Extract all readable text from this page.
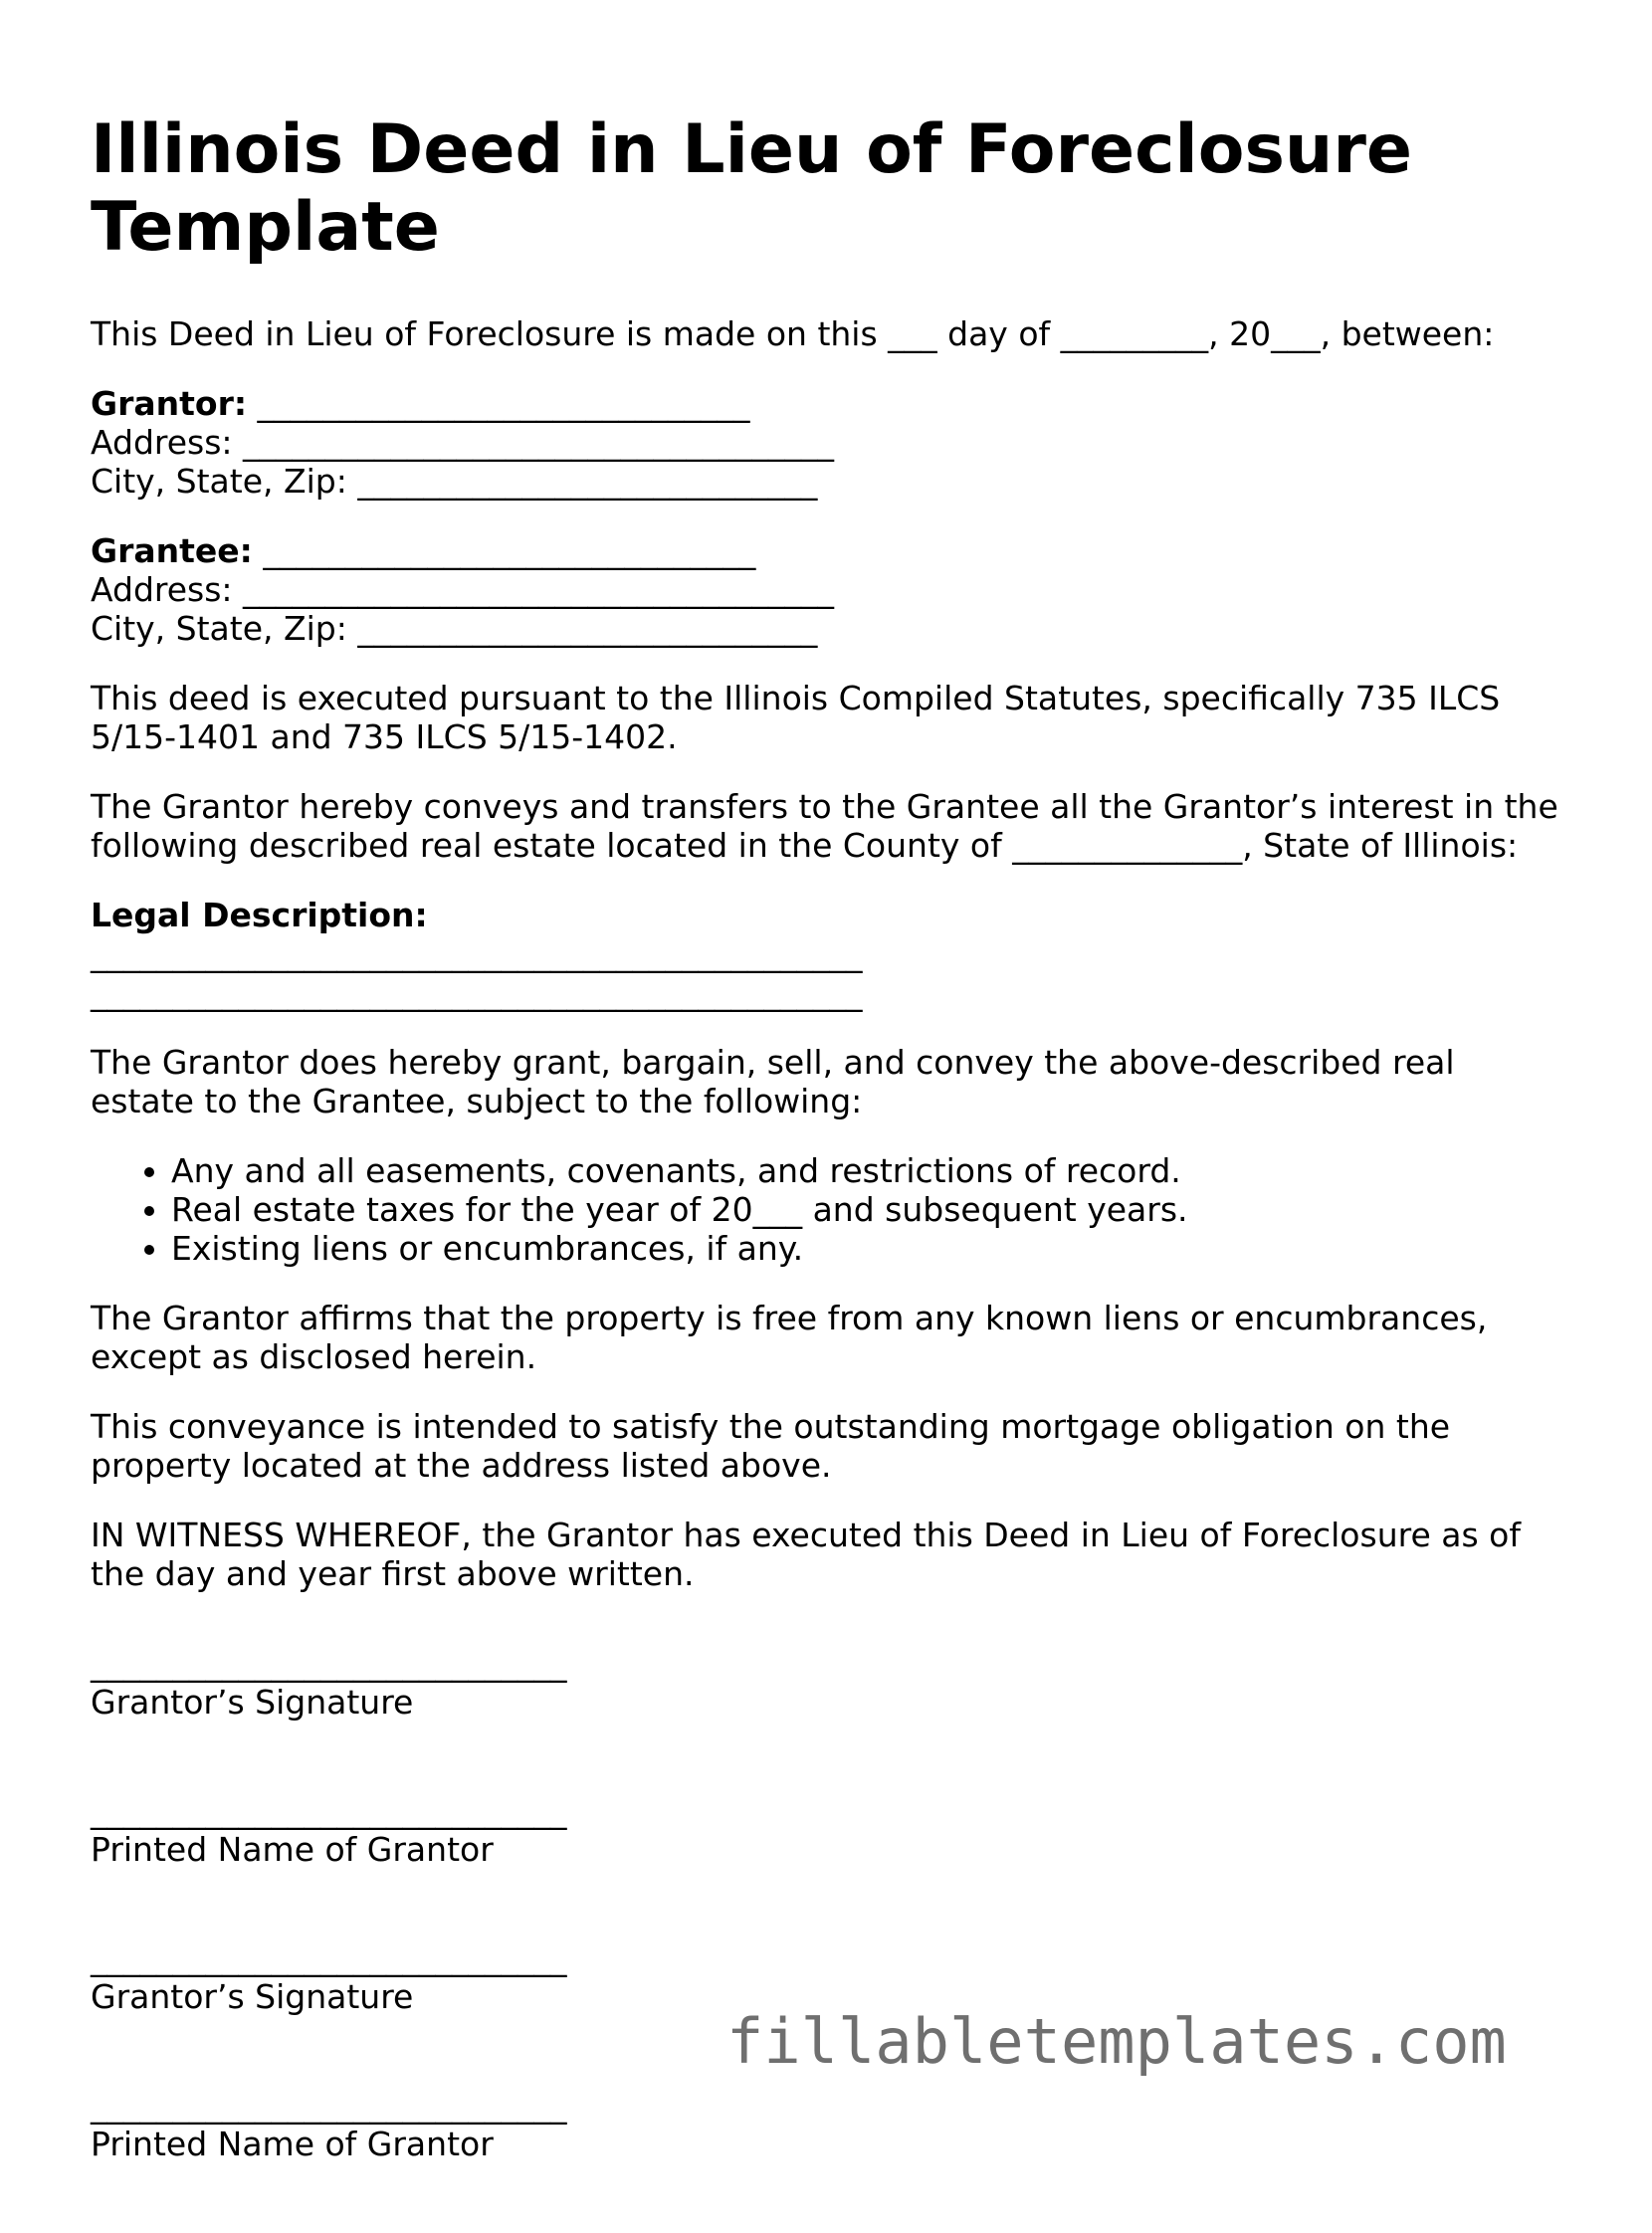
Illinois Deed in Lieu of Foreclosure Template

This Deed in Lieu of Foreclosure is made on this ___ day of _________, 20___, between:

Grantor: ______________________________
Address: ____________________________________
City, State, Zip: ____________________________
Grantee: ______________________________
Address: ____________________________________
City, State, Zip: ____________________________

This deed is executed pursuant to the Illinois Compiled Statutes, specifically 735 ILCS 5/15-1401 and 735 ILCS 5/15-1402.

The Grantor hereby conveys and transfers to the Grantee all the Grantor’s interest in the following described real estate located in the County of ______________, State of Illinois:

Legal Description:
_______________________________________________
_______________________________________________

The Grantor does hereby grant, bargain, sell, and convey the above-described real estate to the Grantee, subject to the following:

• Any and all easements, covenants, and restrictions of record.
• Real estate taxes for the year of 20___ and subsequent years.
• Existing liens or encumbrances, if any.

The Grantor affirms that the property is free from any known liens or encumbrances, except as disclosed herein.

This conveyance is intended to satisfy the outstanding mortgage obligation on the property located at the address listed above.

IN WITNESS WHEREOF, the Grantor has executed this Deed in Lieu of Foreclosure as of the day and year first above written.

_____________________________
Grantor’s Signature
_____________________________
Printed Name of Grantor
_____________________________
Grantor’s Signature
_____________________________
Printed Name of Grantor
fillabletemplates.com
